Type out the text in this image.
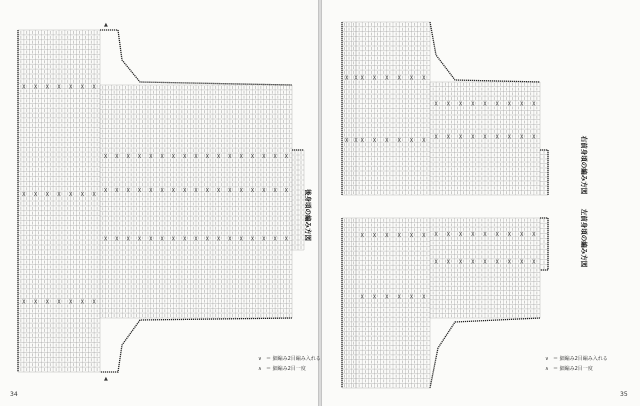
X X X X X X X
X X X X X X X
X X X X X X X
X X X X X X X X X X X X X X X X X
X X X X X X X X X X X X X X X X X
X X X X X X X X X X X X X X X X X
▲
▲
X X
X X
X X X X X X
X X X X X X
X X X X X X X X X
X X X X X X X X X
X X X X X X
X X X X X X
X X X X X X X X X
X X X X X X X X X
後身頃の編み方図
34
∨ ＝ 細編み2目編み入れる
∧ ＝ 細編み2目一度
右前身頃の編み方図
左前身頃の編み方図
35
∨ ＝ 細編み2目編み入れる
∧ ＝ 細編み2目一度
